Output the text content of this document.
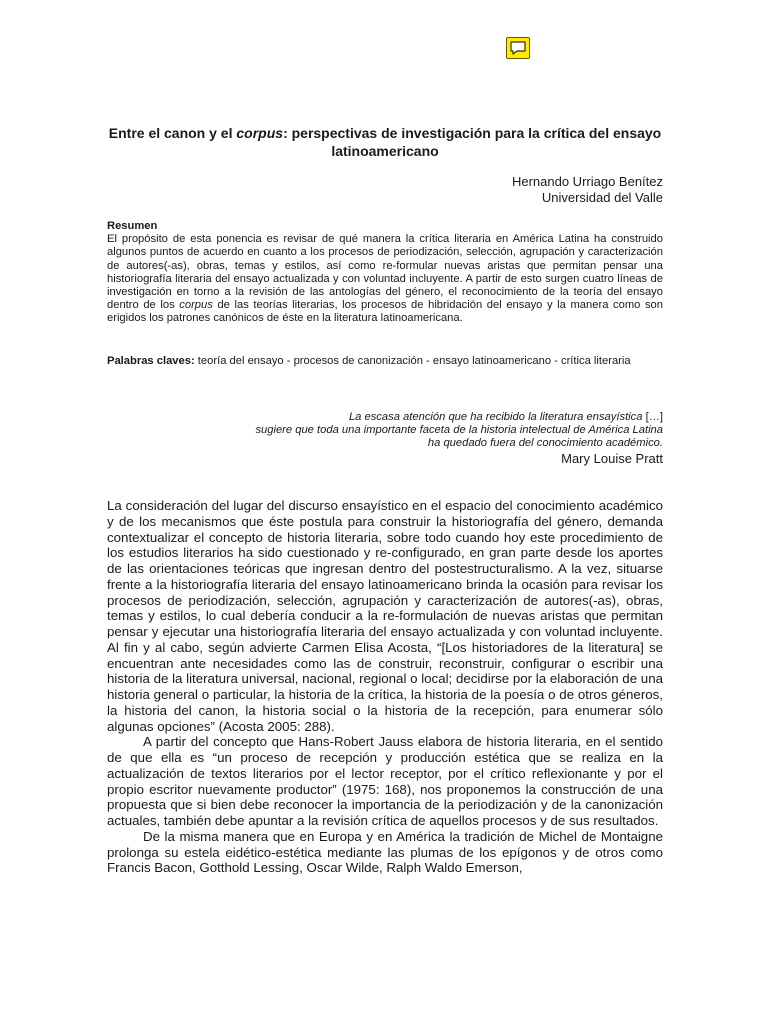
Entre el canon y el corpus: perspectivas de investigación para la crítica del ensayo latinoamericano
Hernando Urriago Benítez
Universidad del Valle
Resumen
El propósito de esta ponencia es revisar de qué manera la crítica literaria en América Latina ha construido algunos puntos de acuerdo en cuanto a los procesos de periodización, selección, agrupación y caracterización de autores(-as), obras, temas y estilos, así como re-formular nuevas aristas que permitan pensar una historiografía literaria del ensayo actualizada y con voluntad incluyente. A partir de esto surgen cuatro líneas de investigación en torno a la revisión de las antologías del género, el reconocimiento de la teoría del ensayo dentro de los corpus de las teorías literarias, los procesos de hibridación del ensayo y la manera como son erigidos los patrones canónicos de éste en la literatura latinoamericana.
Palabras claves: teoría del ensayo - procesos de canonización - ensayo latinoamericano - crítica literaria
La escasa atención que ha recibido la literatura ensayística […]
sugiere que toda una importante faceta de la historia intelectual de América Latina
ha quedado fuera del conocimiento académico.
Mary Louise Pratt

La consideración del lugar del discurso ensayístico en el espacio del conocimiento académico y de los mecanismos que éste postula para construir la historiografía del género, demanda contextualizar el concepto de historia literaria, sobre todo cuando hoy este procedimiento de los estudios literarios ha sido cuestionado y re-configurado, en gran parte desde los aportes de las orientaciones teóricas que ingresan dentro del postestructuralismo. A la vez, situarse frente a la historiografía literaria del ensayo latinoamericano brinda la ocasión para revisar los procesos de periodización, selección, agrupación y caracterización de autores(-as), obras, temas y estilos, lo cual debería conducir a la re-formulación de nuevas aristas que permitan pensar y ejecutar una historiografía literaria del ensayo actualizada y con voluntad incluyente. Al fin y al cabo, según advierte Carmen Elisa Acosta, “[Los historiadores de la literatura] se encuentran ante necesidades como las de construir, reconstruir, configurar o escribir una historia de la literatura universal, nacional, regional o local; decidirse por la elaboración de una historia general o particular, la historia de la crítica, la historia de la poesía o de otros géneros, la historia del canon, la historia social o la historia de la recepción, para enumerar sólo algunas opciones” (Acosta 2005: 288).

A partir del concepto que Hans-Robert Jauss elabora de historia literaria, en el sentido de que ella es “un proceso de recepción y producción estética que se realiza en la actualización de textos literarios por el lector receptor, por el crítico reflexionante y por el propio escritor nuevamente productor” (1975: 168), nos proponemos la construcción de una propuesta que si bien debe reconocer la importancia de la periodización y de la canonización actuales, también debe apuntar a la revisión crítica de aquellos procesos y de sus resultados.

De la misma manera que en Europa y en América la tradición de Michel de Montaigne prolonga su estela eidético-estética mediante las plumas de los epígonos y de otros como Francis Bacon, Gotthold Lessing, Oscar Wilde, Ralph Waldo Emerson,
